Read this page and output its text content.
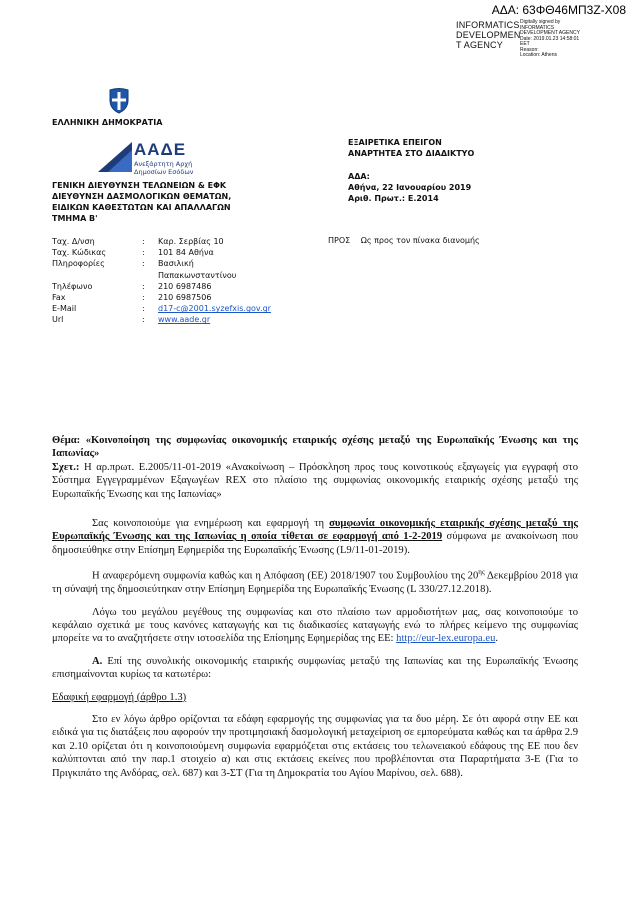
ΑΔΑ: 63ΦΘ46ΜΠ3Ζ-Χ08
INFORMATICS
DEVELOPMEN
T AGENCY
Digitally signed by
INFORMATICS
DEVELOPMENT AGENCY
Date: 2019.01.23 14:58:01
EET
Reason:
Location: Athens
ΕΛΛΗΝΙΚΗ ΔΗΜΟΚΡΑΤΙΑ
ΑΑΔΕ
Ανεξάρτητη Αρχή
Δημοσίων Εσόδων
ΓΕΝΙΚΗ ΔΙΕΥΘΥΝΣΗ ΤΕΛΩΝΕΙΩΝ & ΕΦΚ
ΔΙΕΥΘΥΝΣΗ ΔΑΣΜΟΛΟΓΙΚΩΝ ΘΕΜΑΤΩΝ,
ΕΙΔΙΚΩΝ ΚΑΘΕΣΤΩΤΩΝ ΚΑΙ ΑΠΑΛΛΑΓΩΝ
ΤΜΗΜΑ Β'
ΕΞΑΙΡΕΤΙΚΑ ΕΠΕΙΓΟΝ
ΑΝΑΡΤΗΤΕΑ ΣΤΟ ΔΙΑΔΙΚΤΥΟ
ΑΔΑ:
Αθήνα, 22 Ιανουαρίου 2019
Αριθ. Πρωτ.: Ε.2014
Ταχ. Δ/νση	:	Καρ. Σερβίας 10
Ταχ. Κώδικας	:	101 84 Αθήνα
Πληροφορίες	:	Βασιλική
		Παπακωνσταντίνου
Τηλέφωνο	:	210 6987486
Fax	:	210 6987506
E-Mail	:	d17-c@2001.syzefxis.gov.gr
Url	:	www.aade.gr
ΠΡΟΣ Ως προς τον πίνακα διανομής

Θέμα: «Κοινοποίηση της συμφωνίας οικονομικής εταιρικής σχέσης μεταξύ της Ευρωπαϊκής Ένωσης και της Ιαπωνίας»

Σχετ.: Η αρ.πρωτ. Ε.2005/11-01-2019 «Ανακοίνωση – Πρόσκληση προς τους κοινοτικούς εξαγωγείς για εγγραφή στο Σύστημα Εγγεγραμμένων Εξαγωγέων REX στο πλαίσιο της συμφωνίας οικονομικής εταιρικής σχέσης μεταξύ της Ευρωπαϊκής Ένωσης και της Ιαπωνίας»

Σας κοινοποιούμε για ενημέρωση και εφαρμογή τη συμφωνία οικονομικής εταιρικής σχέσης μεταξύ της Ευρωπαϊκής Ένωσης και της Ιαπωνίας η οποία τίθεται σε εφαρμογή από 1-2-2019 σύμφωνα με ανακοίνωση που δημοσιεύθηκε στην Επίσημη Εφημερίδα της Ευρωπαϊκής Ένωσης (L9/11-01-2019).

Η αναφερόμενη συμφωνία καθώς και η Απόφαση (ΕΕ) 2018/1907 του Συμβουλίου της $20^{\eta\varsigma}$ Δεκεμβρίου 2018 για τη σύναψή της δημοσιεύτηκαν στην Επίσημη Εφημερίδα της Ευρωπαϊκής Ένωσης (L 330/27.12.2018).

Λόγω του μεγάλου μεγέθους της συμφωνίας και στο πλαίσιο των αρμοδιοτήτων μας, σας κοινοποιούμε το κεφάλαιο σχετικά με τους κανόνες καταγωγής και τις διαδικασίες καταγωγής ενώ το πλήρες κείμενο της συμφωνίας μπορείτε να το αναζητήσετε στην ιστοσελίδα της Επίσημης Εφημερίδας της ΕΕ: http://eur-lex.europa.eu.

Α. Επί της συνολικής οικονομικής εταιρικής συμφωνίας μεταξύ της Ιαπωνίας και της Ευρωπαϊκής Ένωσης επισημαίνονται κυρίως τα κατωτέρω:

Εδαφική εφαρμογή (άρθρο 1.3)

Στο εν λόγω άρθρο ορίζονται τα εδάφη εφαρμογής της συμφωνίας για τα δυο μέρη. Σε ότι αφορά στην ΕΕ και ειδικά για τις διατάξεις που αφορούν την προτιμησιακή δασμολογική μεταχείριση σε εμπορεύματα καθώς και τα άρθρα 2.9 και 2.10 ορίζεται ότι η κοινοποιούμενη συμφωνία εφαρμόζεται στις εκτάσεις του τελωνειακού εδάφους της ΕΕ που δεν καλύπτονται από την παρ.1 στοιχείο α) και στις εκτάσεις εκείνες που προβλέπονται στα Παραρτήματα 3-Ε (Για το Πριγκιπάτο της Ανδόρας, σελ. 687) και 3-ΣΤ (Για τη Δημοκρατία του Αγίου Μαρίνου, σελ. 688).
